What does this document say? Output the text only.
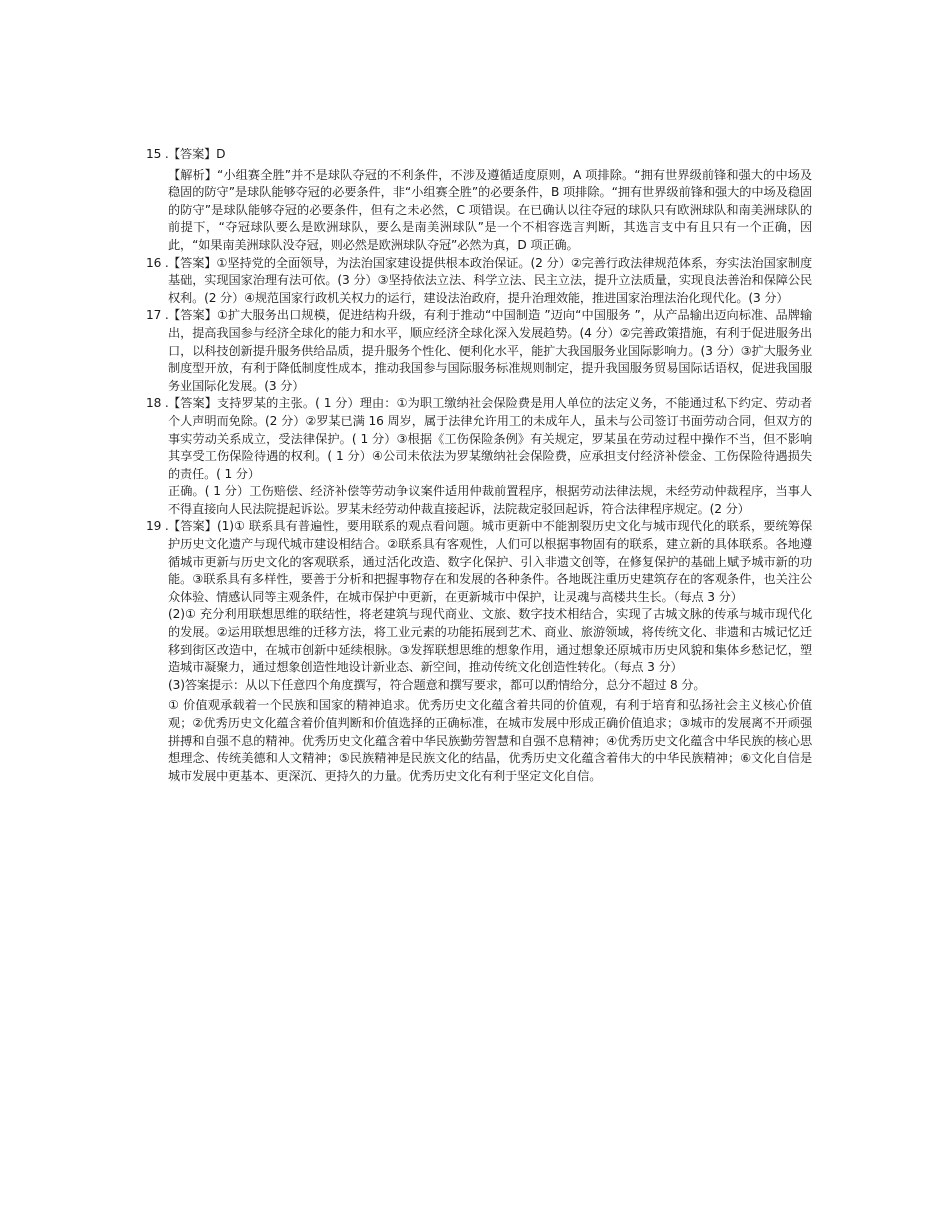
15 . 【答案】D

【解析】“小组赛全胜”并不是球队夺冠的不利条件，不涉及遵循适度原则，A 项排除。“拥有世界级前锋和强大的中场及稳固的防守”是球队能够夺冠的必要条件，非“小组赛全胜”的必要条件，B 项排除。“拥有世界级前锋和强大的中场及稳固的防守”是球队能够夺冠的必要条件，但有之未必然，C 项错误。在已确认以往夺冠的球队只有欧洲球队和南美洲球队的前提下，“夺冠球队要么是欧洲球队，要么是南美洲球队”是一个不相容选言判断，其选言支中有且只有一个正确，因此，“如果南美洲球队没夺冠，则必然是欧洲球队夺冠”必然为真，D 项正确。

16 . 【答案】①坚持党的全面领导，为法治国家建设提供根本政治保证。(2 分）②完善行政法律规范体系，夯实法治国家制度基础，实现国家治理有法可依。(3 分）③坚持依法立法、科学立法、民主立法，提升立法质量，实现良法善治和保障公民权利。(2 分）④规范国家行政机关权力的运行，建设法治政府，提升治理效能，推进国家治理法治化现代化。(3 分）

17 . 【答案】①扩大服务出口规模，促进结构升级，有利于推动“中国制造 ”迈向“中国服务 ”，从产品输出迈向标准、品牌输出，提高我国参与经济全球化的能力和水平，顺应经济全球化深入发展趋势。(4 分）②完善政策措施，有利于促进服务出口，以科技创新提升服务供给品质，提升服务个性化、便利化水平，能扩大我国服务业国际影响力。(3 分）③扩大服务业制度型开放，有利于降低制度性成本，推动我国参与国际服务标准规则制定，提升我国服务贸易国际话语权，促进我国服务业国际化发展。(3 分）

18 . 【答案】支持罗某的主张。( 1 分）理由：①为职工缴纳社会保险费是用人单位的法定义务，不能通过私下约定、劳动者个人声明而免除。(2 分）②罗某已满 16 周岁，属于法律允许用工的未成年人，虽未与公司签订书面劳动合同，但双方的事实劳动关系成立，受法律保护。( 1 分）③根据《工伤保险条例》有关规定，罗某虽在劳动过程中操作不当，但不影响其享受工伤保险待遇的权利。( 1 分）④公司未依法为罗某缴纳社会保险费，应承担支付经济补偿金、工伤保险待遇损失的责任。( 1 分）

正确。( 1 分）工伤赔偿、经济补偿等劳动争议案件适用仲裁前置程序，根据劳动法律法规，未经劳动仲裁程序，当事人不得直接向人民法院提起诉讼。罗某未经劳动仲裁直接起诉，法院裁定驳回起诉，符合法律程序规定。(2 分）

19 . 【答案】(1)① 联系具有普遍性，要用联系的观点看问题。城市更新中不能割裂历史文化与城市现代化的联系，要统筹保护历史文化遗产与现代城市建设相结合。②联系具有客观性，人们可以根据事物固有的联系，建立新的具体联系。各地遵循城市更新与历史文化的客观联系，通过活化改造、数字化保护、引入非遗文创等，在修复保护的基础上赋予城市新的功能。③联系具有多样性，要善于分析和把握事物存在和发展的各种条件。各地既注重历史建筑存在的客观条件，也关注公众体验、情感认同等主观条件，在城市保护中更新，在更新城市中保护，让灵魂与高楼共生长。（每点 3 分）

(2)① 充分利用联想思维的联结性，将老建筑与现代商业、文旅、数字技术相结合，实现了古城文脉的传承与城市现代化的发展。②运用联想思维的迁移方法，将工业元素的功能拓展到艺术、商业、旅游领域，将传统文化、非遗和古城记忆迁移到街区改造中，在城市创新中延续根脉。③发挥联想思维的想象作用，通过想象还原城市历史风貌和集体乡愁记忆，塑造城市凝聚力，通过想象创造性地设计新业态、新空间，推动传统文化创造性转化。（每点 3 分）

(3)答案提示：从以下任意四个角度撰写，符合题意和撰写要求，都可以酌情给分，总分不超过 8 分。

① 价值观承载着一个民族和国家的精神追求。优秀历史文化蕴含着共同的价值观，有利于培育和弘扬社会主义核心价值观；②优秀历史文化蕴含着价值判断和价值选择的正确标准，在城市发展中形成正确价值追求；③城市的发展离不开顽强拼搏和自强不息的精神。优秀历史文化蕴含着中华民族勤劳智慧和自强不息精神；④优秀历史文化蕴含中华民族的核心思想理念、传统美德和人文精神；⑤民族精神是民族文化的结晶，优秀历史文化蕴含着伟大的中华民族精神；⑥文化自信是城市发展中更基本、更深沉、更持久的力量。优秀历史文化有利于坚定文化自信。
